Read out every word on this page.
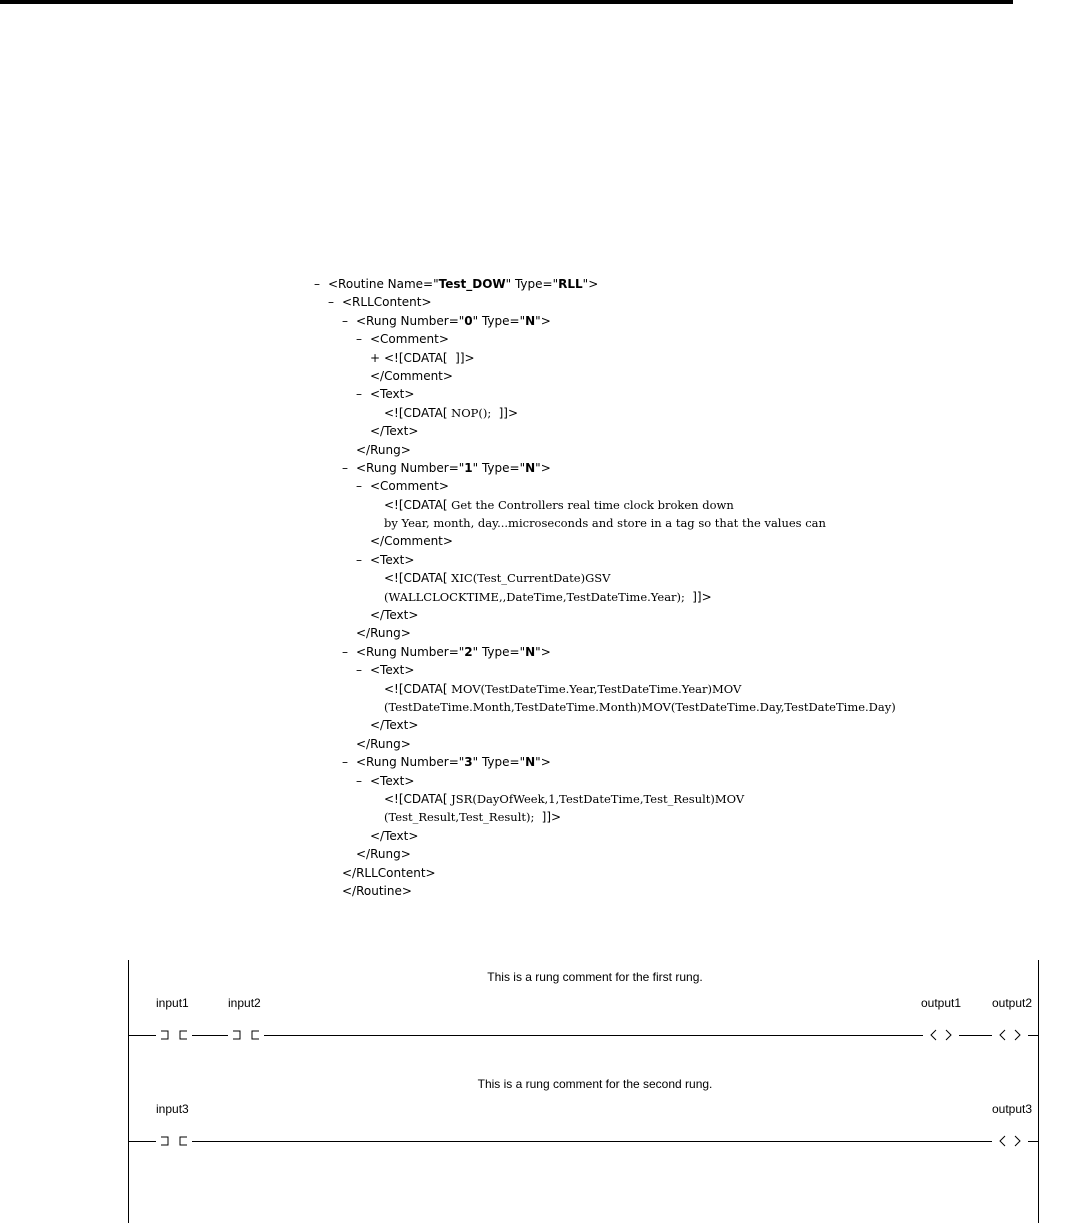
– <Routine Name="Test_DOW" Type="RLL">
– <RLLContent>
– <Rung Number="0" Type="N">
– <Comment>
+ <![CDATA[  ]]>
</Comment>
– <Text>
<![CDATA[ NOP();  ]]>
</Text>
</Rung>
– <Rung Number="1" Type="N">
– <Comment>
<![CDATA[ Get the Controllers real time clock broken down
by Year, month, day...microseconds and store in a tag so that the values can
</Comment>
– <Text>
<![CDATA[ XIC(Test_CurrentDate)GSV
(WALLCLOCKTIME,,DateTime,TestDateTime.Year);  ]]>
</Text>
</Rung>
– <Rung Number="2" Type="N">
– <Text>
<![CDATA[ MOV(TestDateTime.Year,TestDateTime.Year)MOV
(TestDateTime.Month,TestDateTime.Month)MOV(TestDateTime.Day,TestDateTime.Day)
</Text>
</Rung>
– <Rung Number="3" Type="N">
– <Text>
<![CDATA[ JSR(DayOfWeek,1,TestDateTime,Test_Result)MOV
(Test_Result,Test_Result);  ]]>
</Text>
</Rung>
</RLLContent>
</Routine>
This is a rung comment for the first rung.
input1	input2	output1	output2
This is a rung comment for the second rung.
input3	output3
